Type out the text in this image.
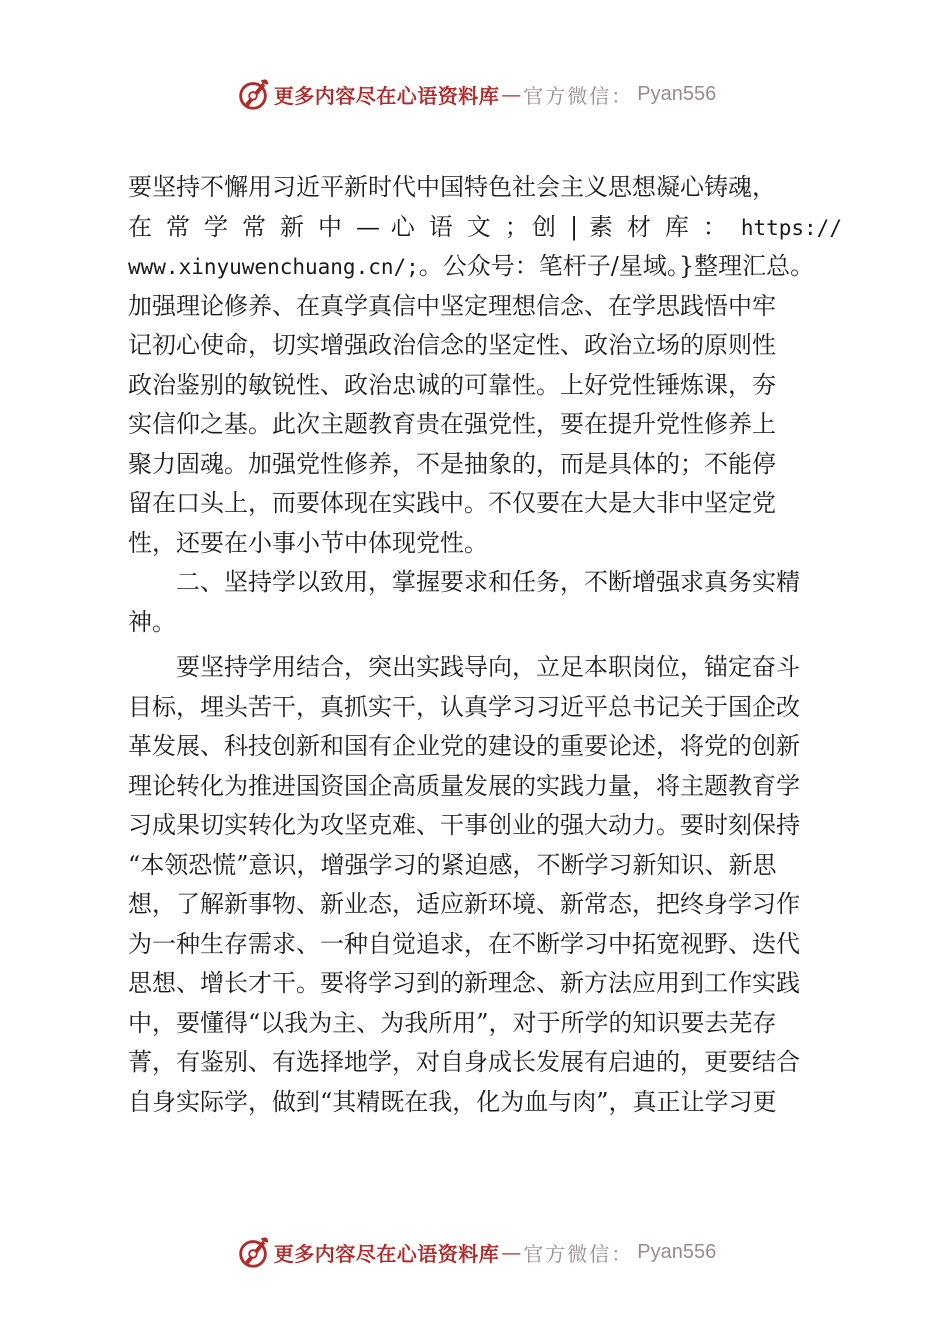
更多内容尽在心语资料库 — 官方微信： Pyan556

要坚持不懈用习近平新时代中国特色社会主义思想凝心铸魂，
在 常 学 常 新 中 — 心 语 文 ；创 | 素 材 库 ： https://
www.xinyuwenchuang.cn/;。公众号：笔杆子/星域。}整理汇总。
加强理论修养、在真学真信中坚定理想信念、在学思践悟中牢
记初心使命，切实增强政治信念的坚定性、政治立场的原则性
政治鉴别的敏锐性、政治忠诚的可靠性。上好党性锤炼课，夯
实信仰之基。此次主题教育贵在强党性，要在提升党性修养上
聚力固魂。加强党性修养，不是抽象的，而是具体的；不能停
留在口头上，而要体现在实践中。不仅要在大是大非中坚定党
性，还要在小事小节中体现党性。

二、坚持学以致用，掌握要求和任务，不断增强求真务实精
神。

要坚持学用结合，突出实践导向，立足本职岗位，锚定奋斗
目标，埋头苦干，真抓实干，认真学习习近平总书记关于国企改
革发展、科技创新和国有企业党的建设的重要论述，将党的创新
理论转化为推进国资国企高质量发展的实践力量，将主题教育学
习成果切实转化为攻坚克难、干事创业的强大动力。要时刻保持
“本领恐慌”意识，增强学习的紧迫感，不断学习新知识、新思
想，了解新事物、新业态，适应新环境、新常态，把终身学习作
为一种生存需求、一种自觉追求，在不断学习中拓宽视野、迭代
思想、增长才干。要将学习到的新理念、新方法应用到工作实践
中，要懂得“以我为主、为我所用”，对于所学的知识要去芜存
菁，有鉴别、有选择地学，对自身成长发展有启迪的，更要结合
自身实际学，做到“其精既在我，化为血与肉”，真正让学习更

更多内容尽在心语资料库 — 官方微信： Pyan556
